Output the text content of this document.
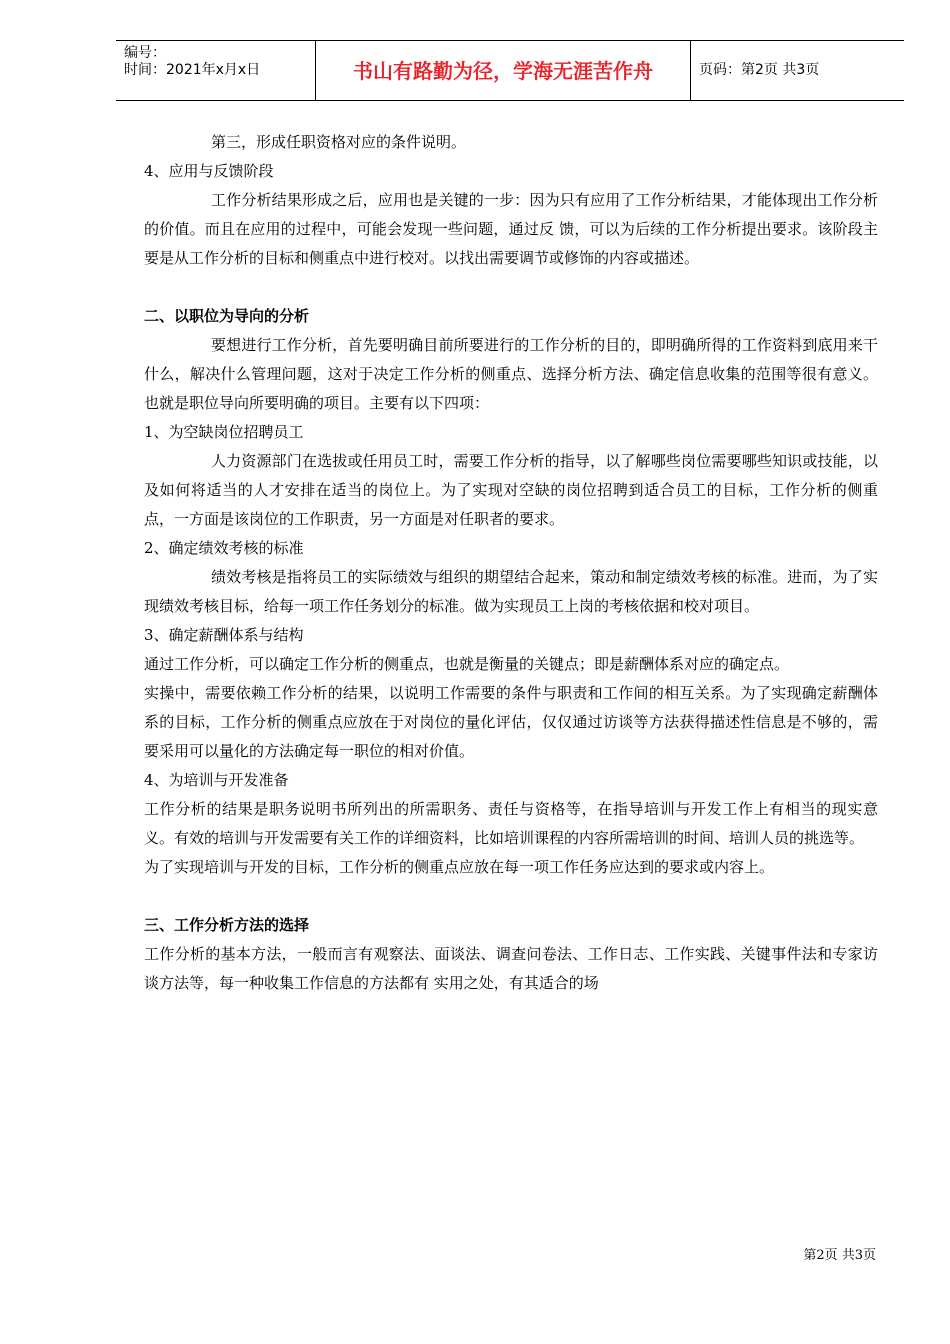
编号：
时间：2021年x月x日	书山有路勤为径，学海无涯苦作舟	页码：第2页 共3页

第三，形成任职资格对应的条件说明。

4、应用与反馈阶段

工作分析结果形成之后，应用也是关键的一步：因为只有应用了工作分析结果，才能体现出工作分析的价值。而且在应用的过程中，可能会发现一些问题，通过反 馈，可以为后续的工作分析提出要求。该阶段主要是从工作分析的目标和侧重点中进行校对。以找出需要调节或修饰的内容或描述。

二、以职位为导向的分析

要想进行工作分析，首先要明确目前所要进行的工作分析的目的，即明确所得的工作资料到底用来干什么，解决什么管理问题，这对于决定工作分析的侧重点、选择分析方法、确定信息收集的范围等很有意义。也就是职位导向所要明确的项目。主要有以下四项：

1、为空缺岗位招聘员工

人力资源部门在选拔或任用员工时，需要工作分析的指导，以了解哪些岗位需要哪些知识或技能，以及如何将适当的人才安排在适当的岗位上。为了实现对空缺的岗位招聘到适合员工的目标，工作分析的侧重点，一方面是该岗位的工作职责，另一方面是对任职者的要求。

2、确定绩效考核的标准

绩效考核是指将员工的实际绩效与组织的期望结合起来，策动和制定绩效考核的标准。进而，为了实现绩效考核目标，给每一项工作任务划分的标准。做为实现员工上岗的考核依据和校对项目。

3、确定薪酬体系与结构

通过工作分析，可以确定工作分析的侧重点，也就是衡量的关键点；即是薪酬体系对应的确定点。

实操中，需要依赖工作分析的结果，以说明工作需要的条件与职责和工作间的相互关系。为了实现确定薪酬体系的目标，工作分析的侧重点应放在于对岗位的量化评估，仅仅通过访谈等方法获得描述性信息是不够的，需要采用可以量化的方法确定每一职位的相对价值。

4、为培训与开发准备

工作分析的结果是职务说明书所列出的所需职务、责任与资格等，在指导培训与开发工作上有相当的现实意义。有效的培训与开发需要有关工作的详细资料，比如培训课程的内容所需培训的时间、培训人员的挑选等。

为了实现培训与开发的目标，工作分析的侧重点应放在每一项工作任务应达到的要求或内容上。

三、工作分析方法的选择

工作分析的基本方法，一般而言有观察法、面谈法、调查问卷法、工作日志、工作实践、关键事件法和专家访谈方法等，每一种收集工作信息的方法都有 实用之处，有其适合的场

第2页 共3页
